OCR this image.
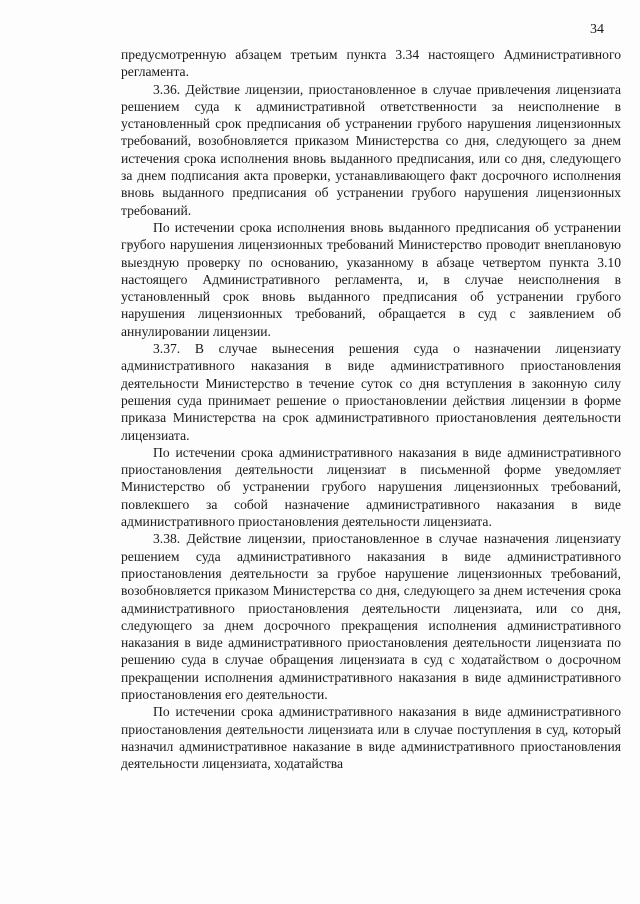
34

предусмотренную абзацем третьим пункта 3.34 настоящего Административного регламента.

3.36. Действие лицензии, приостановленное в случае привлечения лицензиата решением суда к административной ответственности за неисполнение в установленный срок предписания об устранении грубого нарушения лицензионных требований, возобновляется приказом Министерства со дня, следующего за днем истечения срока исполнения вновь выданного предписания, или со дня, следующего за днем подписания акта проверки, устанавливающего факт досрочного исполнения вновь выданного предписания об устранении грубого нарушения лицензионных требований.

По истечении срока исполнения вновь выданного предписания об устранении грубого нарушения лицензионных требований Министерство проводит внеплановую выездную проверку по основанию, указанному в абзаце четвертом пункта 3.10 настоящего Административного регламента, и, в случае неисполнения в установленный срок вновь выданного предписания об устранении грубого нарушения лицензионных требований, обращается в суд с заявлением об аннулировании лицензии.

3.37. В случае вынесения решения суда о назначении лицензиату административного наказания в виде административного приостановления деятельности Министерство в течение суток со дня вступления в законную силу решения суда принимает решение о приостановлении действия лицензии в форме приказа Министерства на срок административного приостановления деятельности лицензиата.

По истечении срока административного наказания в виде административного приостановления деятельности лицензиат в письменной форме уведомляет Министерство об устранении грубого нарушения лицензионных требований, повлекшего за собой назначение административного наказания в виде административного приостановления деятельности лицензиата.

3.38. Действие лицензии, приостановленное в случае назначения лицензиату решением суда административного наказания в виде административного приостановления деятельности за грубое нарушение лицензионных требований, возобновляется приказом Министерства со дня, следующего за днем истечения срока административного приостановления деятельности лицензиата, или со дня, следующего за днем досрочного прекращения исполнения административного наказания в виде административного приостановления деятельности лицензиата по решению суда в случае обращения лицензиата в суд с ходатайством о досрочном прекращении исполнения административного наказания в виде административного приостановления его деятельности.

По истечении срока административного наказания в виде административного приостановления деятельности лицензиата или в случае поступления в суд, который назначил административное наказание в виде административного приостановления деятельности лицензиата, ходатайства
